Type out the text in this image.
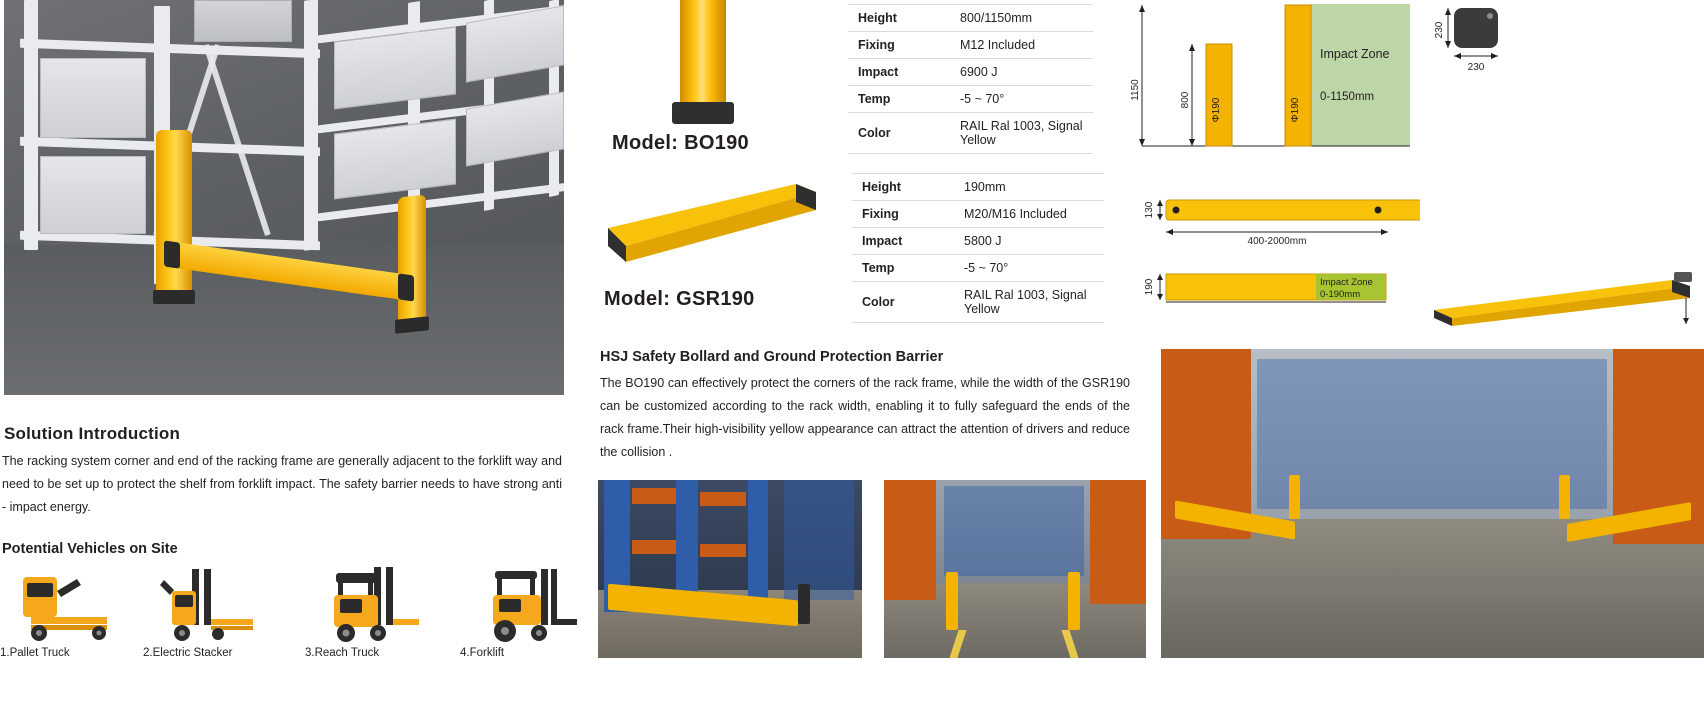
Solution Introduction
The racking system corner and end of the racking frame are generally adjacent to the forklift way and need to be set up to protect the shelf from forklift impact. The safety barrier needs to have strong anti - impact energy.
Potential Vehicles on Site
1.Pallet Truck	2.Electric Stacker	3.Reach Truck	4.Forklift
Model: BO190
Height	800/1150mm
Fixing	M12 Included
Impact	6900 J
Temp	-5 ~ 70°
Color	RAIL Ral 1003, Signal Yellow
1150	800 Φ190	Φ190
Impact Zone
0-1150mm
230
230
Model: GSR190
Height	190mm
Fixing	M20/M16 Included
Impact	5800 J
Temp	-5 ~ 70°
Color	RAIL Ral 1003, Signal Yellow
130
400-2000mm
190	Impact Zone
0-190mm
HSJ Safety Bollard and Ground Protection Barrier
The BO190 can effectively protect the corners of the rack frame, while the width of the GSR190 can be customized according to the rack width, enabling it to fully safeguard the ends of the rack frame.Their high-visibility yellow appearance can attract the attention of drivers and reduce the collision .
